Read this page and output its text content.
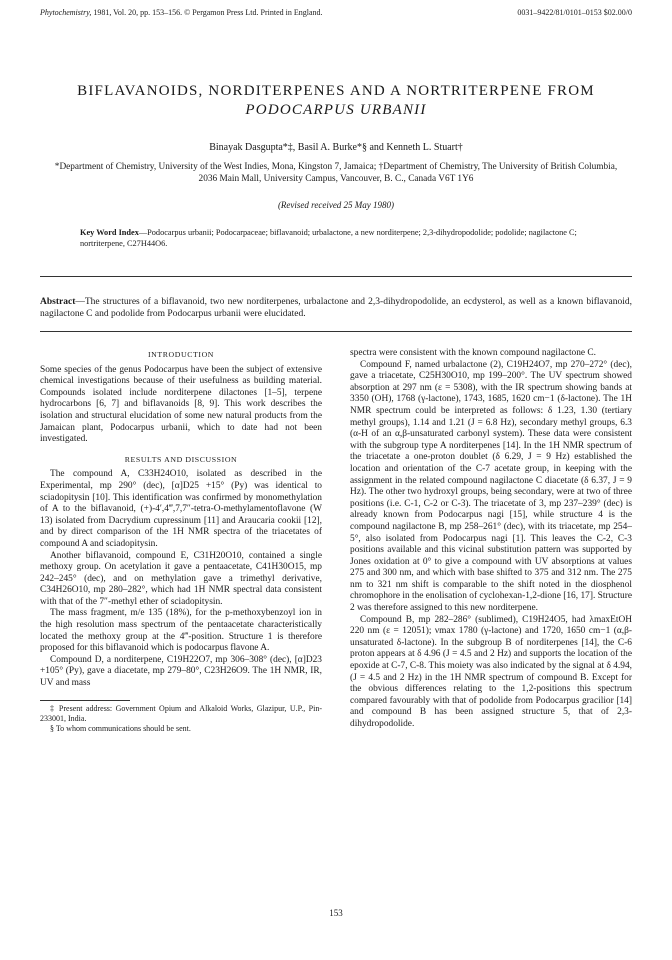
Phytochemistry, 1981, Vol. 20, pp. 153–156. © Pergamon Press Ltd. Printed in England.	0031–9422/81/0101–0153 $02.00/0
BIFLAVANOIDS, NORDITERPENES AND A NORTRITERPENE FROM
PODOCARPUS URBANII
Binayak Dasgupta*‡, Basil A. Burke*§ and Kenneth L. Stuart†
*Department of Chemistry, University of the West Indies, Mona, Kingston 7, Jamaica; †Department of Chemistry, The University of British Columbia, 2036 Main Mall, University Campus, Vancouver, B. C., Canada V6T 1Y6
(Revised received 25 May 1980)
Key Word Index—Podocarpus urbanii; Podocarpaceae; biflavanoid; urbalactone, a new norditerpene; 2,3-dihydropodolide; podolide; nagilactone C; nortriterpene, C27H44O6.
Abstract—The structures of a biflavanoid, two new norditerpenes, urbalactone and 2,3-dihydropodolide, an ecdysterol, as well as a known biflavanoid, nagilactone C and podolide from Podocarpus urbanii were elucidated.
INTRODUCTION

Some species of the genus Podocarpus have been the subject of extensive chemical investigations because of their usefulness as building material. Compounds isolated include norditerpene dilactones [1–5], terpene hydrocarbons [6, 7] and biflavanoids [8, 9]. This work describes the isolation and structural elucidation of some new natural products from the Jamaican plant, Podocarpus urbanii, which to date had not been investigated.

RESULTS AND DISCUSSION

The compound A, C33H24O10, isolated as described in the Experimental, mp 290° (dec), [α]D25 +15° (Py) was identical to sciadopitysin [10]. This identification was confirmed by monomethylation of A to the biflavanoid, (+)-4′,4‴,7,7″-tetra-O-methylamentoflavone (W 13) isolated from Dacrydium cupressinum [11] and Araucaria cookii [12], and by direct comparison of the 1H NMR spectra of the triacetates of compound A and sciadopitysin.

Another biflavanoid, compound E, C31H20O10, contained a single methoxy group. On acetylation it gave a pentaacetate, C41H30O15, mp 242–245° (dec), and on methylation gave a trimethyl derivative, C34H26O10, mp 280–282°, which had 1H NMR spectral data consistent with that of the 7″-methyl ether of sciadopitysin.

The mass fragment, m/e 135 (18%), for the p-methoxybenzoyl ion in the high resolution mass spectrum of the pentaacetate characteristically located the methoxy group at the 4‴-position. Structure 1 is therefore proposed for this biflavanoid which is podocarpus flavone A.

Compound D, a norditerpene, C19H22O7, mp 306–308° (dec), [α]D23 +105° (Py), gave a diacetate, mp 279–80°, C23H26O9. The 1H NMR, IR, UV and mass

‡ Present address: Government Opium and Alkaloid Works, Glazipur, U.P., Pin-233001, India.

§ To whom communications should be sent.

spectra were consistent with the known compound nagilactone C.

Compound F, named urbalactone (2), C19H24O7, mp 270–272° (dec), gave a triacetate, C25H30O10, mp 199–200°. The UV spectrum showed absorption at 297 nm (ε = 5308), with the IR spectrum showing bands at 3350 (OH), 1768 (γ-lactone), 1743, 1685, 1620 cm−1 (δ-lactone). The 1H NMR spectrum could be interpreted as follows: δ 1.23, 1.30 (tertiary methyl groups), 1.14 and 1.21 (J = 6.8 Hz), secondary methyl groups, 6.3 (α-H of an α,β-unsaturated carbonyl system). These data were consistent with the subgroup type A norditerpenes [14]. In the 1H NMR spectrum of the triacetate a one-proton doublet (δ 6.29, J = 9 Hz) established the location and orientation of the C-7 acetate group, in keeping with the assignment in the related compound nagilactone C diacetate (δ 6.37, J = 9 Hz). The other two hydroxyl groups, being secondary, were at two of three positions (i.e. C-1, C-2 or C-3). The triacetate of 3, mp 237–239° (dec) is already known from Podocarpus nagi [15], while structure 4 is the compound nagilactone B, mp 258–261° (dec), with its triacetate, mp 254–5°, also isolated from Podocarpus nagi [1]. This leaves the C-2, C-3 positions available and this vicinal substitution pattern was supported by Jones oxidation at 0° to give a compound with UV absorptions at values 275 and 300 nm, and which with base shifted to 375 and 312 nm. The 275 nm to 321 nm shift is comparable to the shift noted in the diosphenol chromophore in the enolisation of cyclohexan-1,2-dione [16, 17]. Structure 2 was therefore assigned to this new norditerpene.

Compound B, mp 282–286° (sublimed), C19H24O5, had λmaxEtOH 220 nm (ε = 12051); νmax 1780 (γ-lactone) and 1720, 1650 cm−1 (α,β-unsaturated δ-lactone). In the subgroup B of norditerpenes [14], the C-6 proton appears at δ 4.96 (J = 4.5 and 2 Hz) and supports the location of the epoxide at C-7, C-8. This moiety was also indicated by the signal at δ 4.94, (J = 4.5 and 2 Hz) in the 1H NMR spectrum of compound B. Except for the obvious differences relating to the 1,2-positions this spectrum compared favourably with that of podolide from Podocarpus gracilior [14] and compound B has been assigned structure 5, that of 2,3-dihydropodolide.

153
